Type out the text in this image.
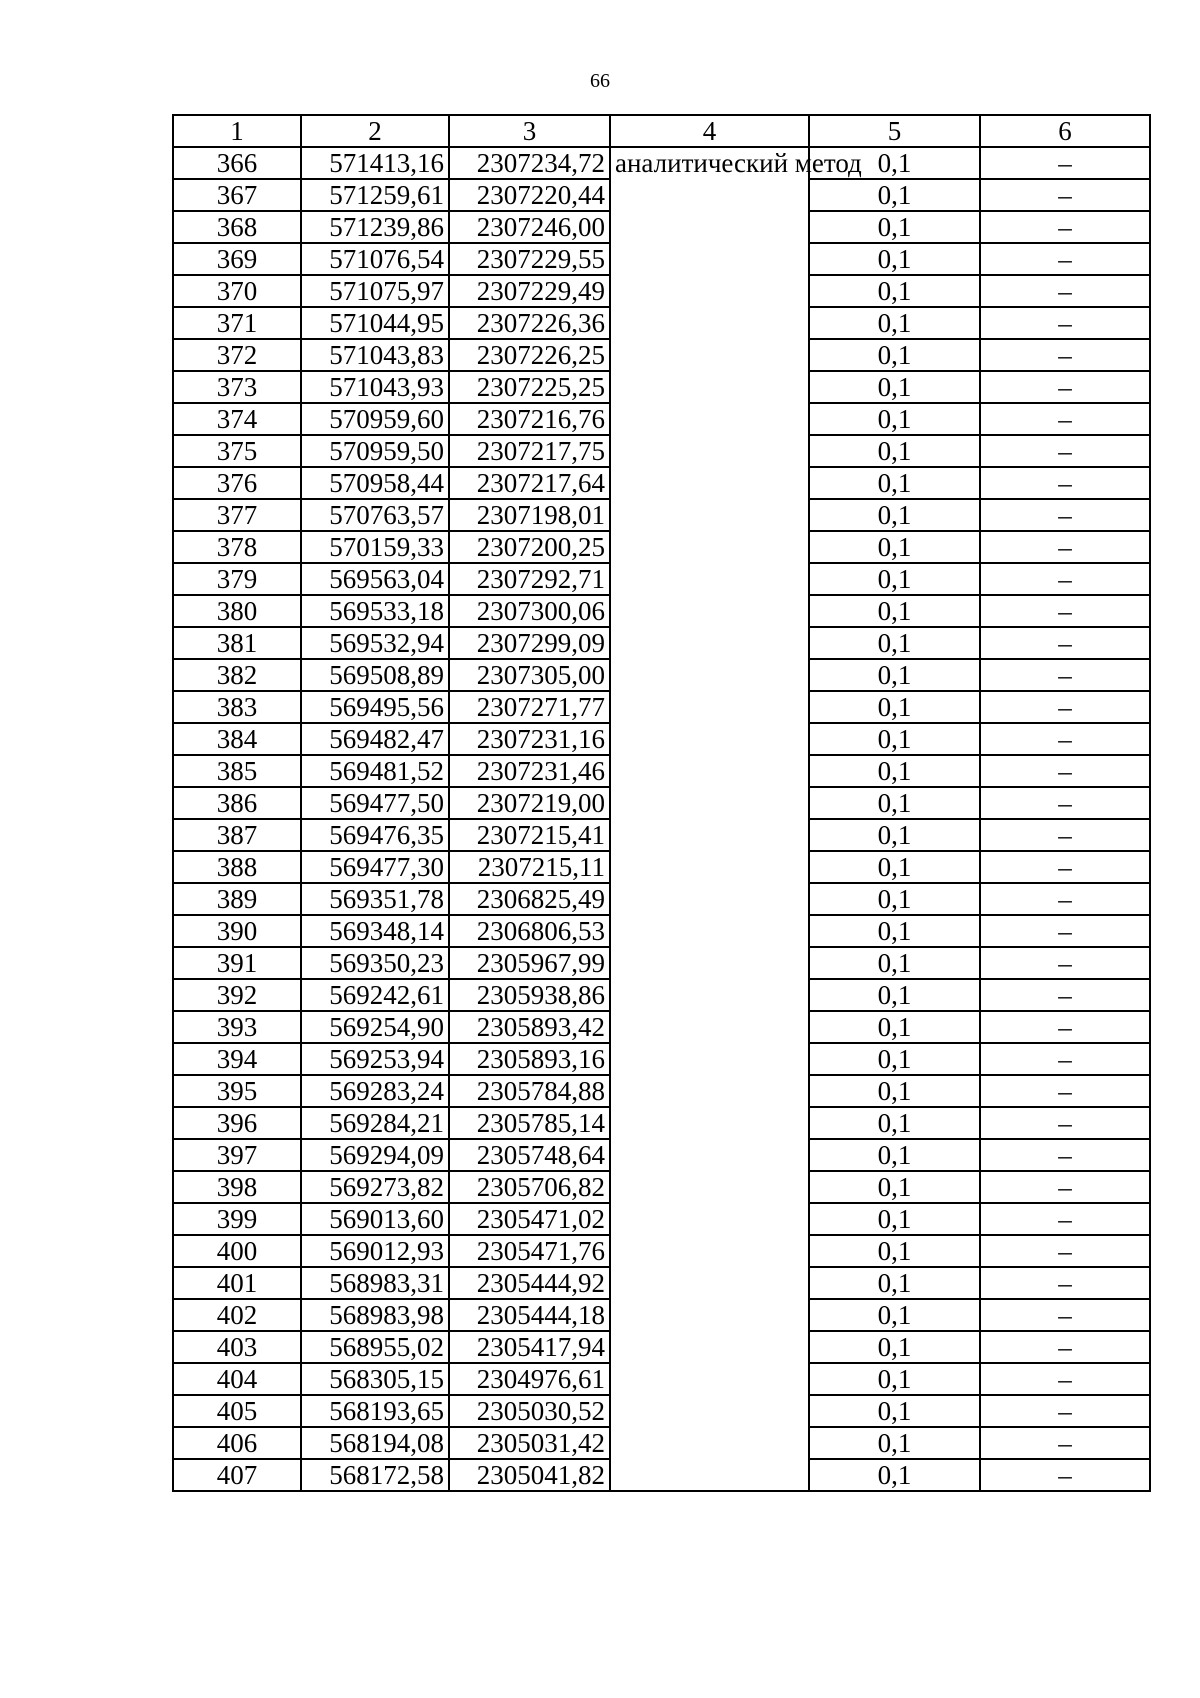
66
1	2	3	4	5	6
366	571413,16	2307234,72	аналитический метод	0,1	–
367	571259,61	2307220,44		0,1	–
368	571239,86	2307246,00		0,1	–
369	571076,54	2307229,55		0,1	–
370	571075,97	2307229,49		0,1	–
371	571044,95	2307226,36		0,1	–
372	571043,83	2307226,25		0,1	–
373	571043,93	2307225,25		0,1	–
374	570959,60	2307216,76		0,1	–
375	570959,50	2307217,75		0,1	–
376	570958,44	2307217,64		0,1	–
377	570763,57	2307198,01		0,1	–
378	570159,33	2307200,25		0,1	–
379	569563,04	2307292,71		0,1	–
380	569533,18	2307300,06		0,1	–
381	569532,94	2307299,09		0,1	–
382	569508,89	2307305,00		0,1	–
383	569495,56	2307271,77		0,1	–
384	569482,47	2307231,16		0,1	–
385	569481,52	2307231,46		0,1	–
386	569477,50	2307219,00		0,1	–
387	569476,35	2307215,41		0,1	–
388	569477,30	2307215,11		0,1	–
389	569351,78	2306825,49		0,1	–
390	569348,14	2306806,53		0,1	–
391	569350,23	2305967,99		0,1	–
392	569242,61	2305938,86		0,1	–
393	569254,90	2305893,42		0,1	–
394	569253,94	2305893,16		0,1	–
395	569283,24	2305784,88		0,1	–
396	569284,21	2305785,14		0,1	–
397	569294,09	2305748,64		0,1	–
398	569273,82	2305706,82		0,1	–
399	569013,60	2305471,02		0,1	–
400	569012,93	2305471,76		0,1	–
401	568983,31	2305444,92		0,1	–
402	568983,98	2305444,18		0,1	–
403	568955,02	2305417,94		0,1	–
404	568305,15	2304976,61		0,1	–
405	568193,65	2305030,52		0,1	–
406	568194,08	2305031,42		0,1	–
407	568172,58	2305041,82		0,1	–
